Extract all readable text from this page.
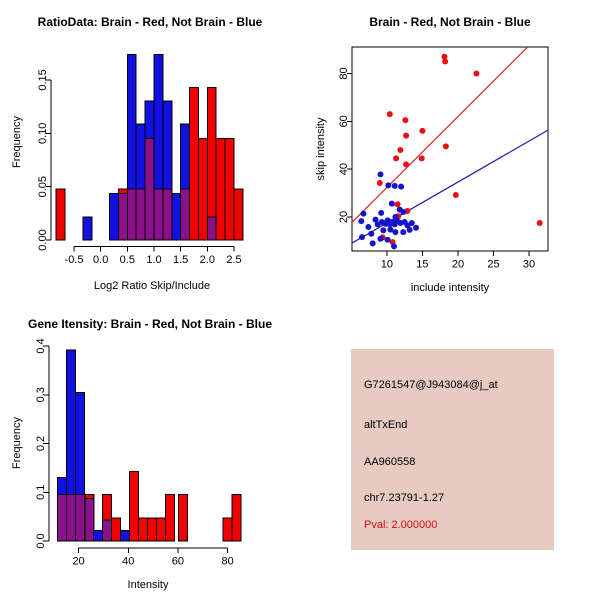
-0.5 0.0 0.5 1.0 1.5 2.0 2.5
0.00
0.05
0.10
0.15
RatioData: Brain - Red, Not Brain - Blue
Log2 Ratio Skip/Include
Frequency
10 15 20 25 30
20
40
60
80
Brain - Red, Not Brain - Blue
include intensity
skip intensity
20	40	60	80
0.0
0.1
0.2
0.3
0.4
Gene Itensity: Brain - Red, Not Brain - Blue
Intensity
Frequency
G7261547@J943084@j_at
altTxEnd
AA960558
chr7.23791-1.27
Pval: 2.000000
